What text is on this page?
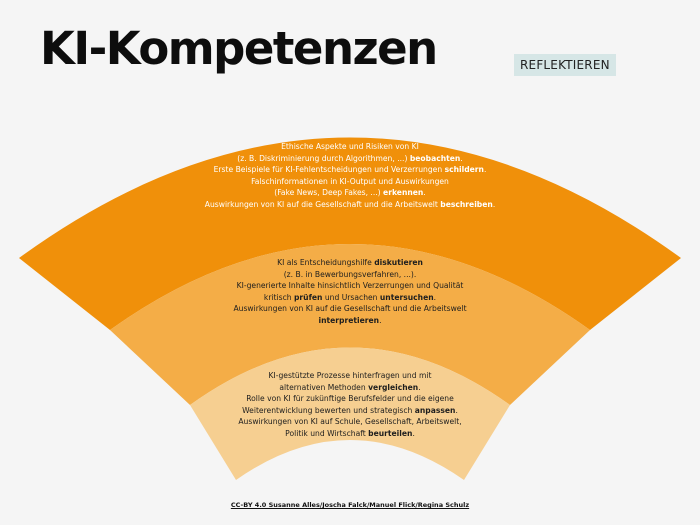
KI-Kompetenzen	REFLEKTIEREN
Ethische Aspekte und Risiken von KI
(z. B. Diskriminierung durch Algorithmen, ...) beobachten.
Erste Beispiele für KI-Fehlentscheidungen und Verzerrungen schildern.
Falschinformationen in KI-Output und Auswirkungen
(Fake News, Deep Fakes, ...) erkennen.
Auswirkungen von KI auf die Gesellschaft und die Arbeitswelt beschreiben.
KI als Entscheidungshilfe diskutieren
(z. B. in Bewerbungsverfahren, ...).
KI-generierte Inhalte hinsichtlich Verzerrungen und Qualität
kritisch prüfen und Ursachen untersuchen.
Auswirkungen von KI auf die Gesellschaft und die Arbeitswelt
interpretieren.
KI-gestützte Prozesse hinterfragen und mit
alternativen Methoden vergleichen.
Rolle von KI für zukünftige Berufsfelder und die eigene
Weiterentwicklung bewerten und strategisch anpassen.
Auswirkungen von KI auf Schule, Gesellschaft, Arbeitswelt,
Politik und Wirtschaft beurteilen.
CC-BY 4.0 Susanne Alles/Joscha Falck/Manuel Flick/Regina Schulz
